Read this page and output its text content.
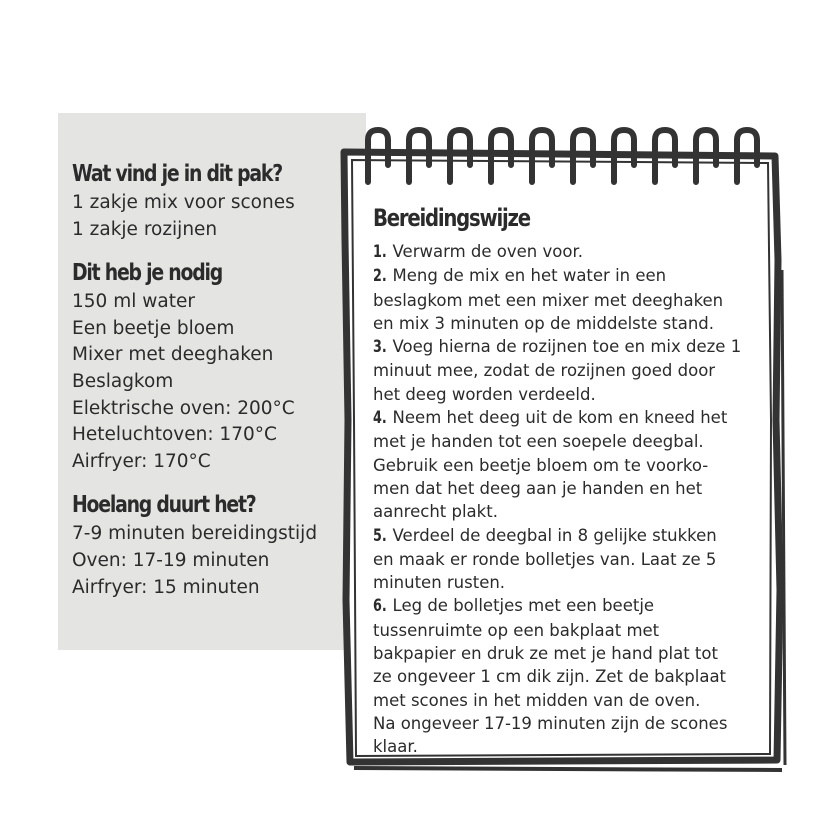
Wat vind je in dit pak?

1 zakje mix voor scones

1 zakje rozijnen

Dit heb je nodig

150 ml water

Een beetje bloem

Mixer met deeghaken

Beslagkom

Elektrische oven: 200°C

Heteluchtoven: 170°C

Airfryer: 170°C

Hoelang duurt het?

7-9 minuten bereidingstijd

Oven: 17-19 minuten

Airfryer: 15 minuten

Bereidingswijze

1. Verwarm de oven voor.

2. Meng de mix en het water in een

beslagkom met een mixer met deeghaken

en mix 3 minuten op de middelste stand.

3. Voeg hierna de rozijnen toe en mix deze 1

minuut mee, zodat de rozijnen goed door

het deeg worden verdeeld.

4. Neem het deeg uit de kom en kneed het

met je handen tot een soepele deegbal.

Gebruik een beetje bloem om te voorko-

men dat het deeg aan je handen en het

aanrecht plakt.

5. Verdeel de deegbal in 8 gelijke stukken

en maak er ronde bolletjes van. Laat ze 5

minuten rusten.

6. Leg de bolletjes met een beetje

tussenruimte op een bakplaat met

bakpapier en druk ze met je hand plat tot

ze ongeveer 1 cm dik zijn. Zet de bakplaat

met scones in het midden van de oven.

Na ongeveer 17-19 minuten zijn de scones

klaar.
